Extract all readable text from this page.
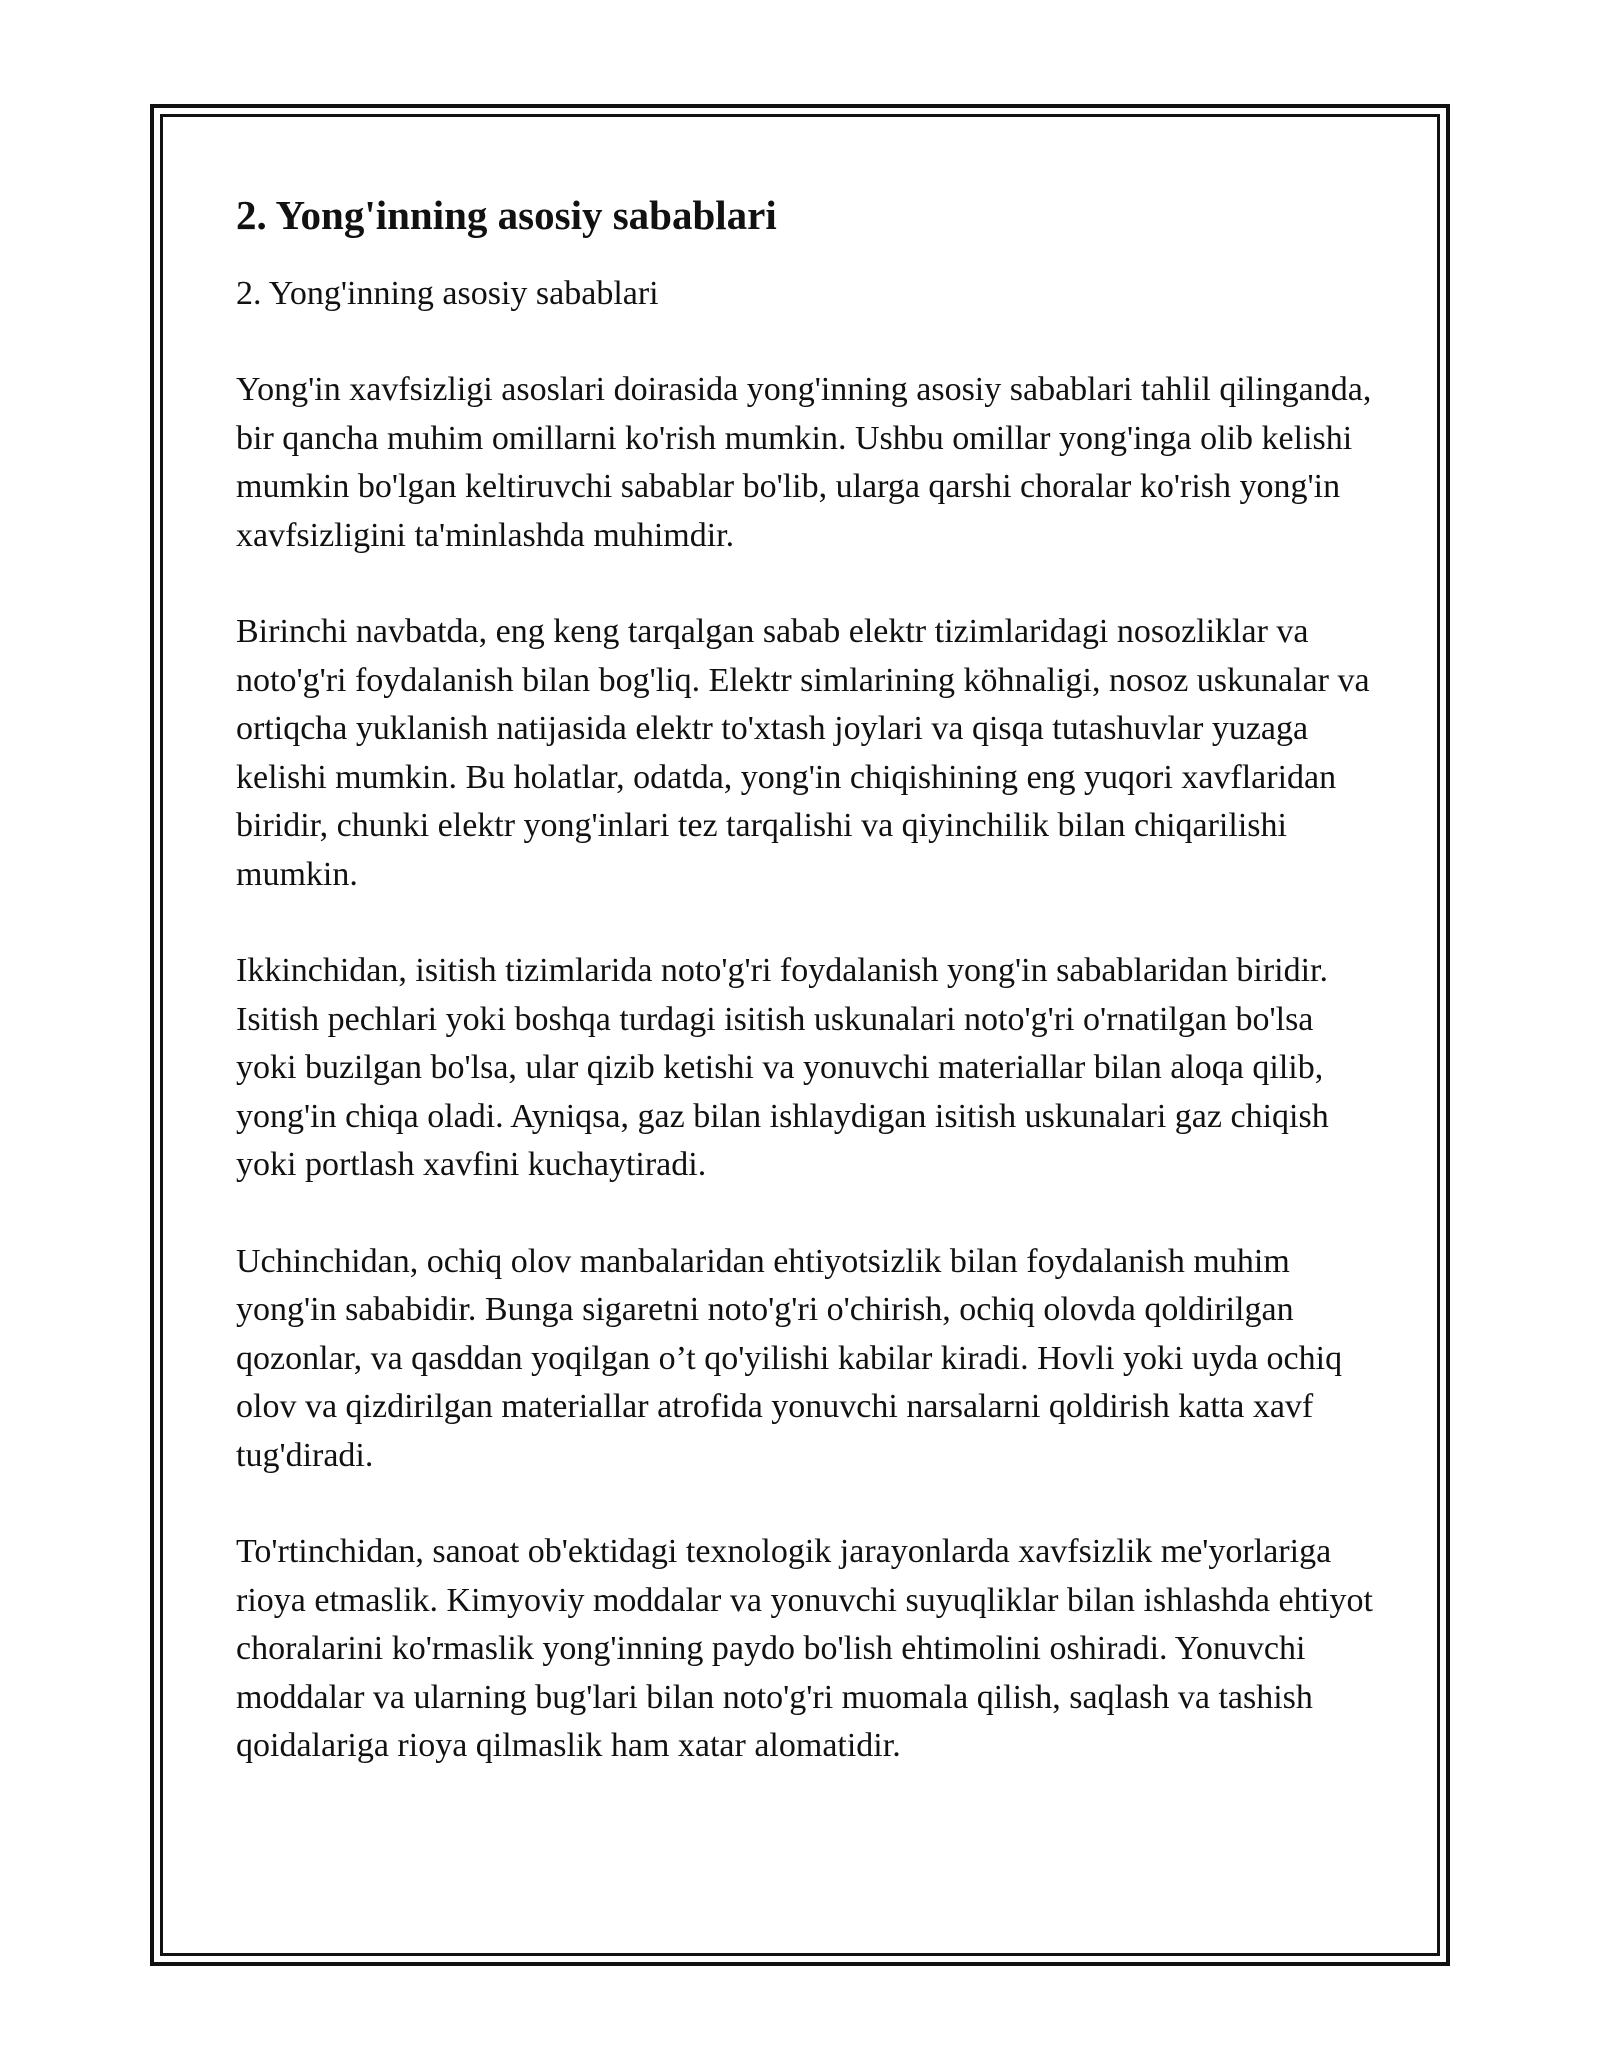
2. Yong'inning asosiy sabablari

2. Yong'inning asosiy sabablari

Yong'in xavfsizligi asoslari doirasida yong'inning asosiy sabablari tahlil qilinganda, bir qancha muhim omillarni ko'rish mumkin. Ushbu omillar yong'inga olib kelishi mumkin bo'lgan keltiruvchi sabablar bo'lib, ularga qarshi choralar ko'rish yong'in xavfsizligini ta'minlashda muhimdir.

Birinchi navbatda, eng keng tarqalgan sabab elektr tizimlaridagi nosozliklar va noto'g'ri foydalanish bilan bog'liq. Elektr simlarining köhnaligi, nosoz uskunalar va ortiqcha yuklanish natijasida elektr to'xtash joylari va qisqa tutashuvlar yuzaga kelishi mumkin. Bu holatlar, odatda, yong'in chiqishining eng yuqori xavflaridan biridir, chunki elektr yong'inlari tez tarqalishi va qiyinchilik bilan chiqarilishi mumkin.

Ikkinchidan, isitish tizimlarida noto'g'ri foydalanish yong'in sabablaridan biridir. Isitish pechlari yoki boshqa turdagi isitish uskunalari noto'g'ri o'rnatilgan bo'lsa yoki buzilgan bo'lsa, ular qizib ketishi va yonuvchi materiallar bilan aloqa qilib, yong'in chiqa oladi. Ayniqsa, gaz bilan ishlaydigan isitish uskunalari gaz chiqish yoki portlash xavfini kuchaytiradi.

Uchinchidan, ochiq olov manbalaridan ehtiyotsizlik bilan foydalanish muhim yong'in sababidir. Bunga sigaretni noto'g'ri o'chirish, ochiq olovda qoldirilgan qozonlar, va qasddan yoqilgan o’t qo'yilishi kabilar kiradi. Hovli yoki uyda ochiq olov va qizdirilgan materiallar atrofida yonuvchi narsalarni qoldirish katta xavf tug'diradi.

To'rtinchidan, sanoat ob'ektidagi texnologik jarayonlarda xavfsizlik me'yorlariga rioya etmaslik. Kimyoviy moddalar va yonuvchi suyuqliklar bilan ishlashda ehtiyot choralarini ko'rmaslik yong'inning paydo bo'lish ehtimolini oshiradi. Yonuvchi moddalar va ularning bug'lari bilan noto'g'ri muomala qilish, saqlash va tashish qoidalariga rioya qilmaslik ham xatar alomatidir.
